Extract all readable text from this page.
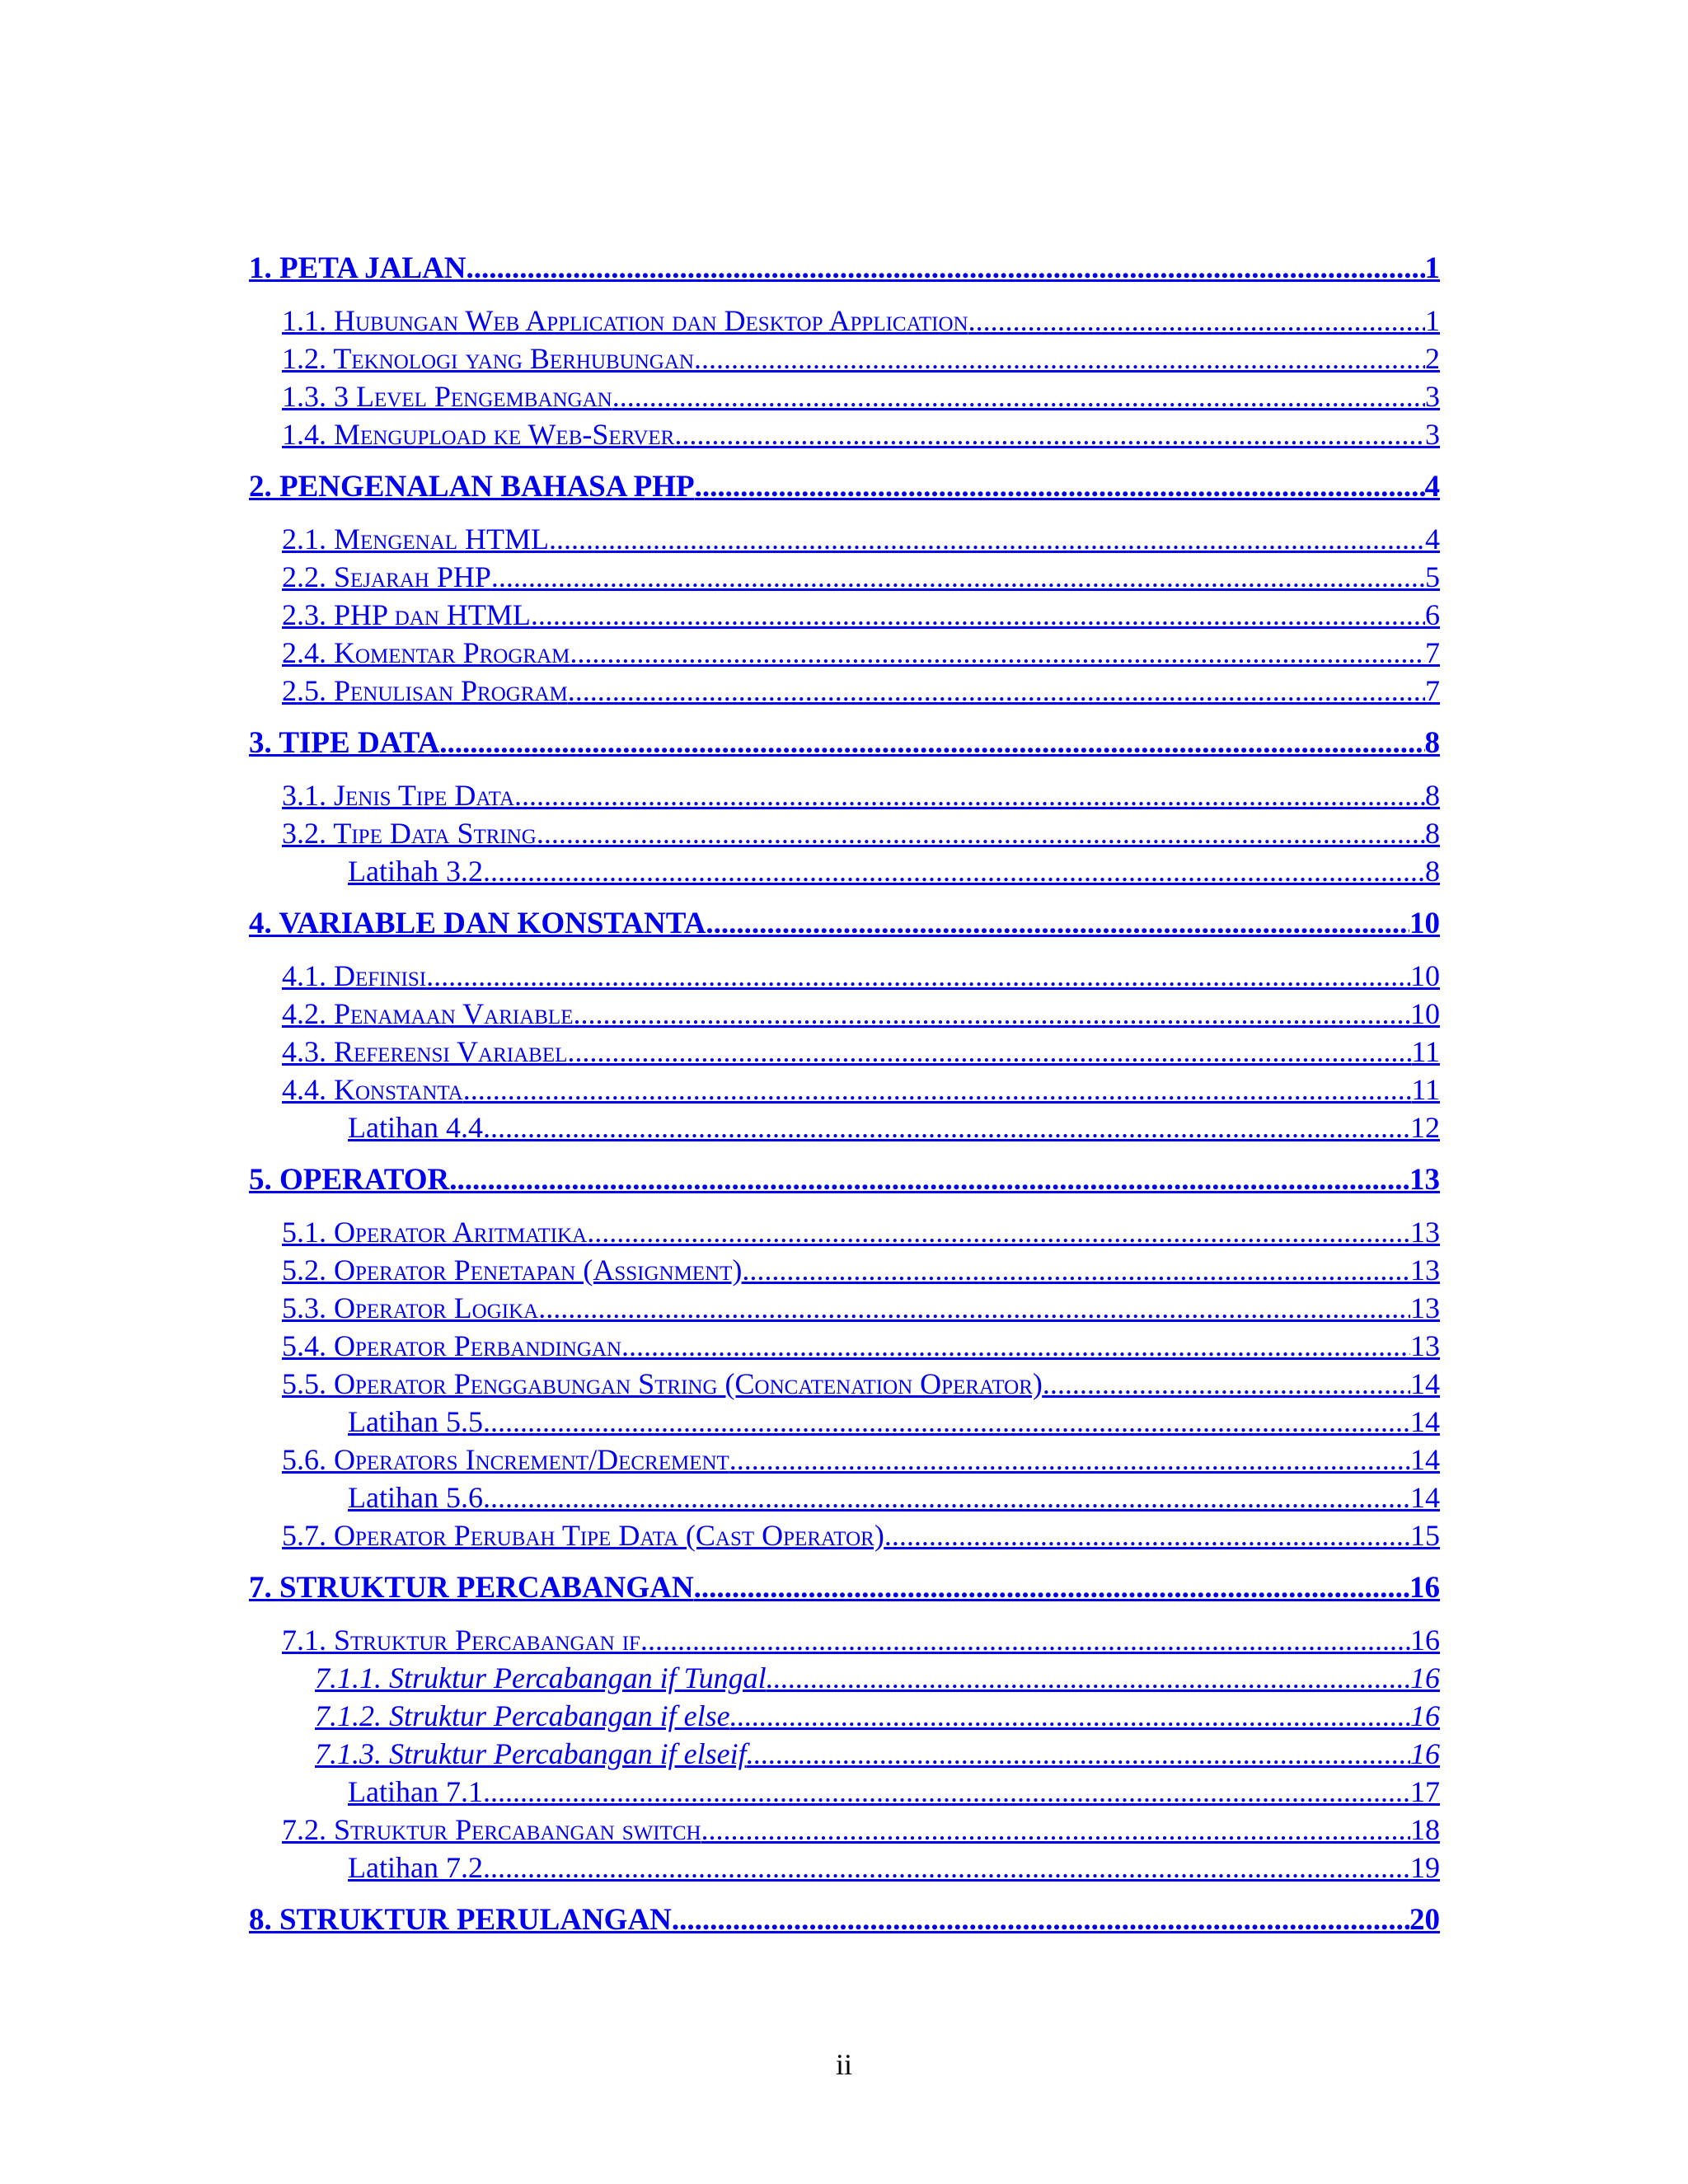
1. PETA JALAN .....	1
1.1. Hubungan Web Application dan Desktop Application .....	1
1.2. Teknologi yang Berhubungan .....	2
1.3. 3 Level Pengembangan .....	3
1.4. Mengupload ke Web-Server .....	3
2. PENGENALAN BAHASA PHP .....	4
2.1. Mengenal HTML .....	4
2.2. Sejarah PHP .....	5
2.3. PHP dan HTML .....	6
2.4. Komentar Program .....	7
2.5. Penulisan Program .....	7
3. TIPE DATA .....	8
3.1. Jenis Tipe Data .....	8
3.2. Tipe Data String .....	8
Latihah 3.2 .....	8
4. VARIABLE DAN KONSTANTA .....	10
4.1. Definisi .....	10
4.2. Penamaan Variable .....	10
4.3. Referensi Variabel .....	11
4.4. Konstanta .....	11
Latihan 4.4 .....	12
5. OPERATOR .....	13
5.1. Operator Aritmatika .....	13
5.2. Operator Penetapan (Assignment) .....	13
5.3. Operator Logika .....	13
5.4. Operator Perbandingan .....	13
5.5. Operator Penggabungan String (Concatenation Operator) .....	14
Latihan 5.5 .....	14
5.6. Operators Increment/Decrement .....	14
Latihan 5.6 .....	14
5.7. Operator Perubah Tipe Data (Cast Operator) .....	15
7. STRUKTUR PERCABANGAN .....	16
7.1. Struktur Percabangan if .....	16
7.1.1. Struktur Percabangan if Tungal .....	16
7.1.2. Struktur Percabangan if else .....	16
7.1.3. Struktur Percabangan if elseif .....	16
Latihan 7.1 .....	17
7.2. Struktur Percabangan switch .....	18
Latihan 7.2 .....	19
8. STRUKTUR PERULANGAN .....	20
ii
